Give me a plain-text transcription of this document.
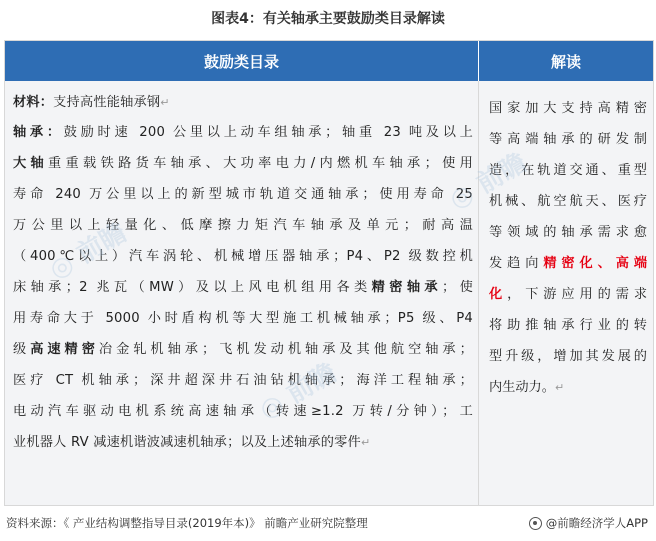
图表4：有关轴承主要鼓励类目录解读
鼓励类目录	解读
材料：支持高性能轴承钢↵
轴承：鼓励时速 200 公里以上动车组轴承；轴重 23 吨及以上
大轴重重载铁路货车轴承、大功率电力/内燃机车轴承；使用
寿命 240 万公里以上的新型城市轨道交通轴承；使用寿命 25
万公里以上轻量化、低摩擦力矩汽车轴承及单元；耐高温
（400℃以上）汽车涡轮、机械增压器轴承；P4、P2 级数控机
床轴承；2 兆瓦（MW）及以上风电机组用各类精密轴承；使
用寿命大于 5000 小时盾构机等大型施工机械轴承；P5 级、P4
级高速精密冶金轧机轴承；飞机发动机轴承及其他航空轴承；
医疗 CT 机轴承；深井超深井石油钻机轴承；海洋工程轴承；
电动汽车驱动电机系统高速轴承（转速≥1.2 万转/分钟）；工
业机器人 RV 减速机谐波减速机轴承；以及上述轴承的零件↵
国家加大支持高精密
等高端轴承的研发制
造，在轨道交通、重型
机械、航空航天、医疗
等领域的轴承需求愈
发趋向精密化、高端
化，下游应用的需求
将助推轴承行业的转
型升级，增加其发展的
内生动力。↵
◎ 前瞻
◎ 前瞻
◎ 前瞻
资料来源：《 产业结构调整指导目录(2019年本)》 前瞻产业研究院整理	@前瞻经济学人APP
